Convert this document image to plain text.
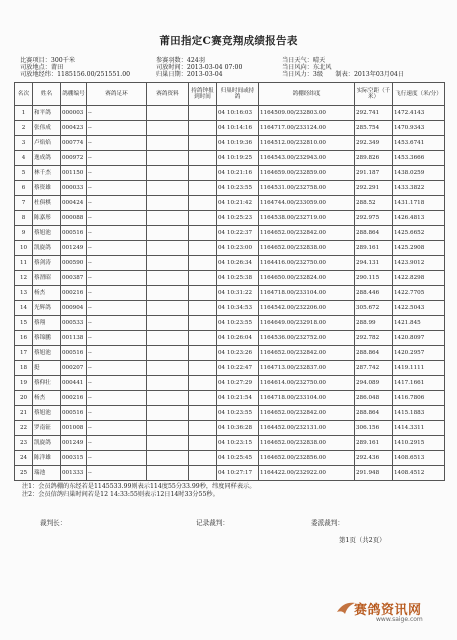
莆田指定C赛竞翔成绩报告表
比赛项目：300千米
司放地点：莆田
司放地经纬：1185156.00/251551.00
参赛羽数：424羽
司放时间：2013-03-04 07:00
归巢日期：2013-03-04
当日天气：晴天
当日风向：东北风
当日风力：3级　　制表：2013年03月04日
名次	姓名	鸽棚编号	赛鸽足环	赛鸽资料	持鸽钟报到时间	归巢时间或持鸽	鸽棚经纬度	实际空距（千米）	飞行速度（米/分）
1	和平鸽	000003	--			04 10:16:03	1164509.00/232803.00	292.741	1472.4143
2	张伟成	000423	--			04 10:14:16	1164717.00/233124.00	285.754	1470.9343
3	卢焰焰	000774	--			04 10:19:36	1164512.00/232810.00	292.349	1453.6741
4	逸成鸽	000972	--			04 10:19:25	1164543.00/232943.00	289.826	1453.3666
5	林千杰	001150	--			04 10:21:16	1164659.00/232859.00	291.187	1438.0259
6	蔡资雄	000033	--			04 10:23:55	1164531.00/232758.00	292.291	1433.3822
7	杜俱棋	000424	--			04 10:21:42	1164744.00/233059.00	288.52	1431.1718
8	陈嘉彤	000088	--			04 10:25:23	1164538.00/232719.00	292.975	1426.4813
9	蔡旭池	000516	--			04 10:22:37	1164652.00/232842.00	288.864	1425.6652
10	凯旋鸽	001249	--			04 10:23:00	1164652.00/232838.00	289.161	1425.2908
11	蔡剑涛	000590	--			04 10:26:34	1164416.00/232750.00	294.131	1423.9012
12	蔡渭昭	000387	--			04 10:25:38	1164650.00/232824.00	290.115	1422.8298
13	杨杰	000216	--			04 10:31:22	1164718.00/233104.00	288.446	1422.7705
14	光辉鸽	000904	--			04 10:34:53	1164542.00/232206.00	305.672	1422.5043
15	蔡翔	000533	--			04 10:23:55	1164649.00/232918.00	288.99	1421.845
16	蔡锦鹏	001138	--			04 10:26:04	1164536.00/232752.00	292.782	1420.8097
17	蔡旭池	000516	--			04 10:23:26	1164652.00/232842.00	288.864	1420.2957
18	挺	000207	--			04 10:22:47	1164713.00/232837.00	287.742	1419.1111
19	蔡仰壮	000441	--			04 10:27:29	1164614.00/232750.00	294.089	1417.1661
20	杨杰	000216	--			04 10:21:54	1164718.00/233104.00	286.048	1416.7806
21	蔡旭池	000516	--			04 10:23:55	1164652.00/232842.00	288.864	1415.1883
22	罗南钲	001008	--			04 10:36:28	1164452.00/232131.00	306.156	1414.3311
23	凯旋鸽	001249	--			04 10:23:15	1164652.00/232838.00	289.161	1410.2915
24	陈洋雄	000315	--			04 10:25:45	1164652.00/232856.00	292.436	1408.6513
25	瑞池	001333	--			04 10:27:17	1164422.00/232922.00	291.948	1408.4512
注1：会员鸽棚的东经若是1145533.99则表示114度55分33.99秒，纬度同样表示。
注2：会员信鸽归巢时间若是12 14:33:55则表示12日14时33分55秒。
裁判长：	记录裁判：	委派裁判：
第1页（共2页）
赛鸽资讯网
www.saige.com
